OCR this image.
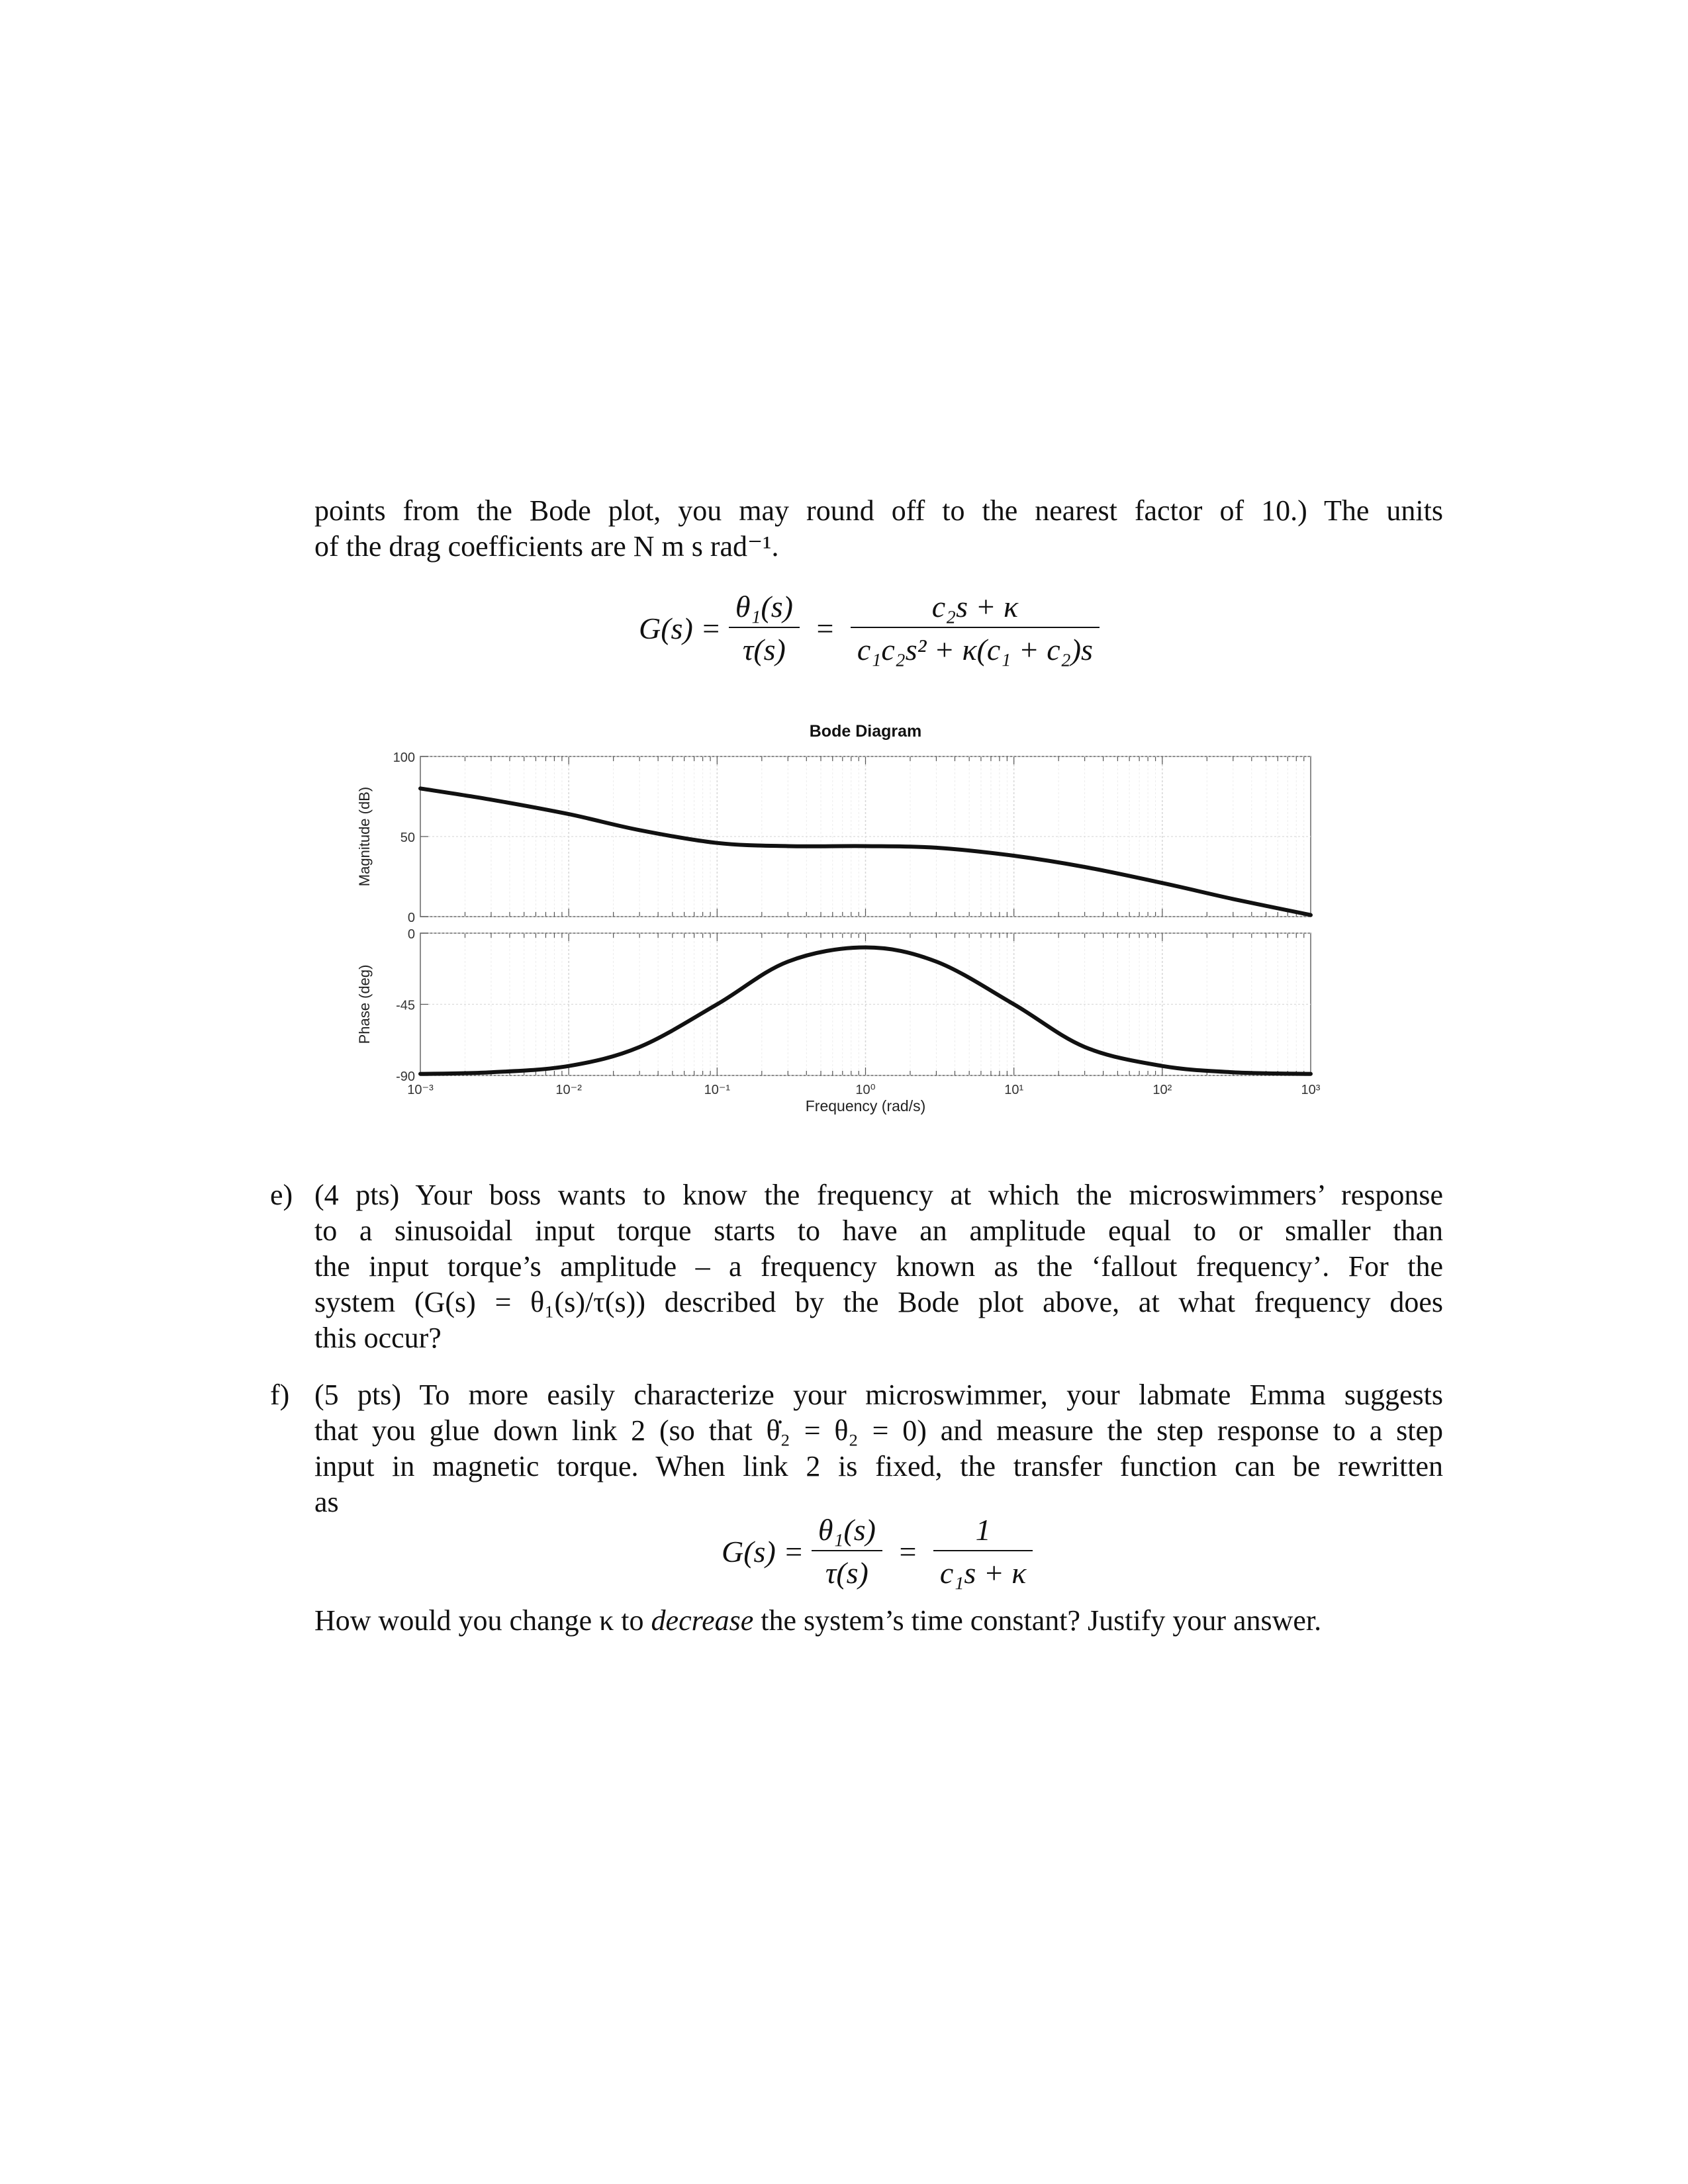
points from the Bode plot, you may round off to the nearest factor of 10.) The units
of the drag coefficients are N m s rad⁻¹.
$G(s) = \frac{\text{θ₁(s)}}{\tau(s)} = \frac{\text{c₂s + κ}}{\text{c₁c₂s² + κ(c₁ + c₂)s}}$
Bode Diagram
100
50
0
Magnitude (dB)
0
-45
-90
Phase (deg)
10⁻³	10⁻²	10⁻¹	10⁰	10¹	10²	10³
Frequency (rad/s)
e) (4 pts) Your boss wants to know the frequency at which the microswimmers’ response
to a sinusoidal input torque starts to have an amplitude equal to or smaller than
the input torque’s amplitude – a frequency known as the ‘fallout frequency’. For the
system (G(s) = θ₁(s)/τ(s)) described by the Bode plot above, at what frequency does
this occur?
f) (5 pts) To more easily characterize your microswimmer, your labmate Emma suggests
that you glue down link 2 (so that θ̇₂ = θ₂ = 0) and measure the step response to a step
input in magnetic torque. When link 2 is fixed, the transfer function can be rewritten
as
$G(s) = \frac{\text{θ₁(s)}}{\tau(s)} = \frac{1}{\text{c₁s + κ}}$
How would you change κ to decrease the system’s time constant? Justify your answer.
